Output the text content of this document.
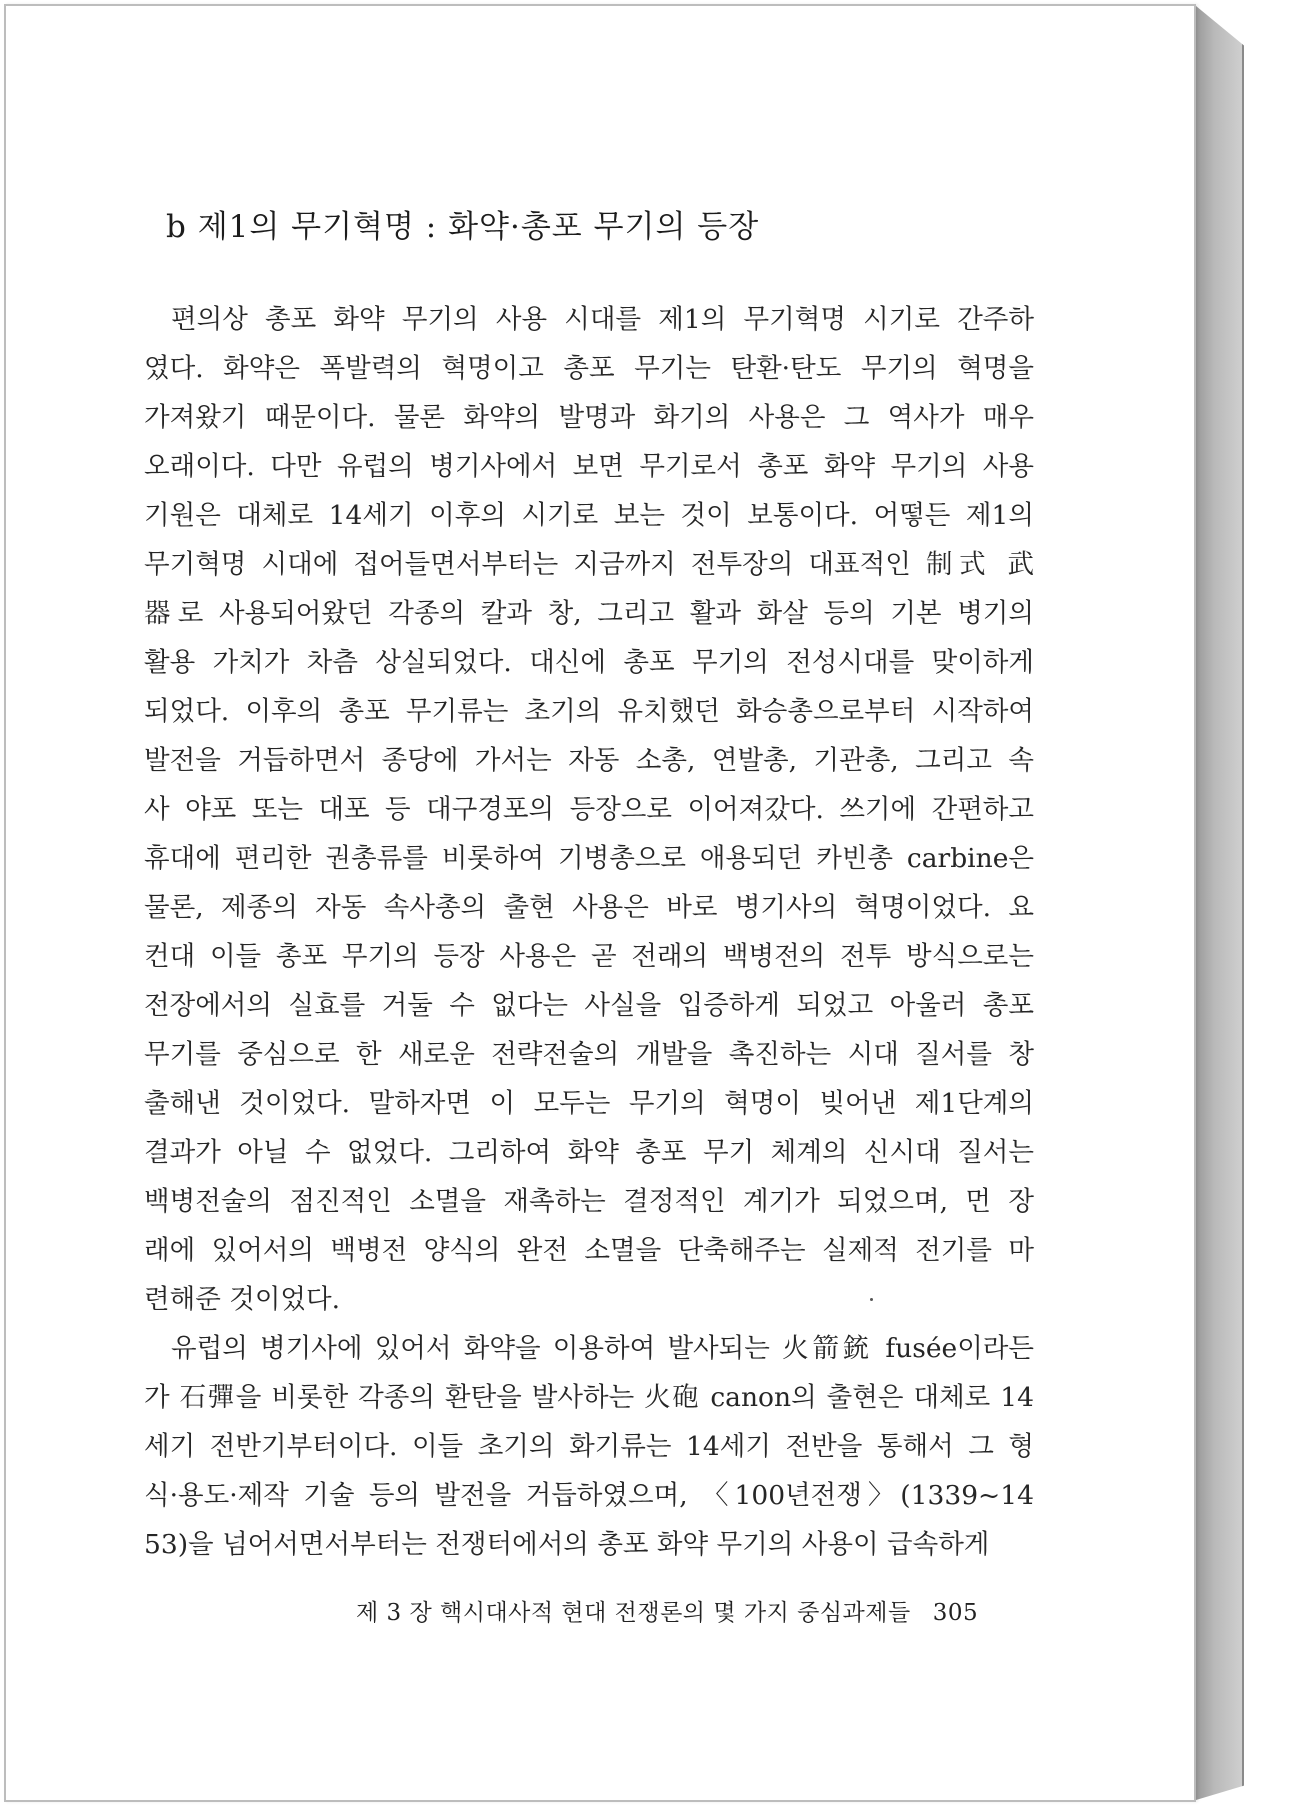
b 제1의 무기혁명 : 화약·총포 무기의 등장
편의상 총포 화약 무기의 사용 시대를 제1의 무기혁명 시기로 간주하
였다. 화약은 폭발력의 혁명이고 총포 무기는 탄환·탄도 무기의 혁명을
가져왔기 때문이다. 물론 화약의 발명과 화기의 사용은 그 역사가 매우
오래이다. 다만 유럽의 병기사에서 보면 무기로서 총포 화약 무기의 사용
기원은 대체로 14세기 이후의 시기로 보는 것이 보통이다. 어떻든 제1의
무기혁명 시대에 접어들면서부터는 지금까지 전투장의 대표적인 制式 武
器로 사용되어왔던 각종의 칼과 창, 그리고 활과 화살 등의 기본 병기의
활용 가치가 차츰 상실되었다. 대신에 총포 무기의 전성시대를 맞이하게
되었다. 이후의 총포 무기류는 초기의 유치했던 화승총으로부터 시작하여
발전을 거듭하면서 종당에 가서는 자동 소총, 연발총, 기관총, 그리고 속
사 야포 또는 대포 등 대구경포의 등장으로 이어져갔다. 쓰기에 간편하고
휴대에 편리한 권총류를 비롯하여 기병총으로 애용되던 카빈총 carbine은
물론, 제종의 자동 속사총의 출현 사용은 바로 병기사의 혁명이었다. 요
컨대 이들 총포 무기의 등장 사용은 곧 전래의 백병전의 전투 방식으로는
전장에서의 실효를 거둘 수 없다는 사실을 입증하게 되었고 아울러 총포
무기를 중심으로 한 새로운 전략전술의 개발을 촉진하는 시대 질서를 창
출해낸 것이었다. 말하자면 이 모두는 무기의 혁명이 빚어낸 제1단계의
결과가 아닐 수 없었다. 그리하여 화약 총포 무기 체계의 신시대 질서는
백병전술의 점진적인 소멸을 재촉하는 결정적인 계기가 되었으며, 먼 장
래에 있어서의 백병전 양식의 완전 소멸을 단축해주는 실제적 전기를 마
련해준 것이었다.
유럽의 병기사에 있어서 화약을 이용하여 발사되는 火箭銃 fusée이라든
가 石彈을 비롯한 각종의 환탄을 발사하는 火砲 canon의 출현은 대체로 14
세기 전반기부터이다. 이들 초기의 화기류는 14세기 전반을 통해서 그 형
식·용도·제작 기술 등의 발전을 거듭하였으며, 〈100년전쟁〉(1339~14
53)을 넘어서면서부터는 전쟁터에서의 총포 화약 무기의 사용이 급속하게
제 3 장 핵시대사적 현대 전쟁론의 몇 가지 중심과제들 305
